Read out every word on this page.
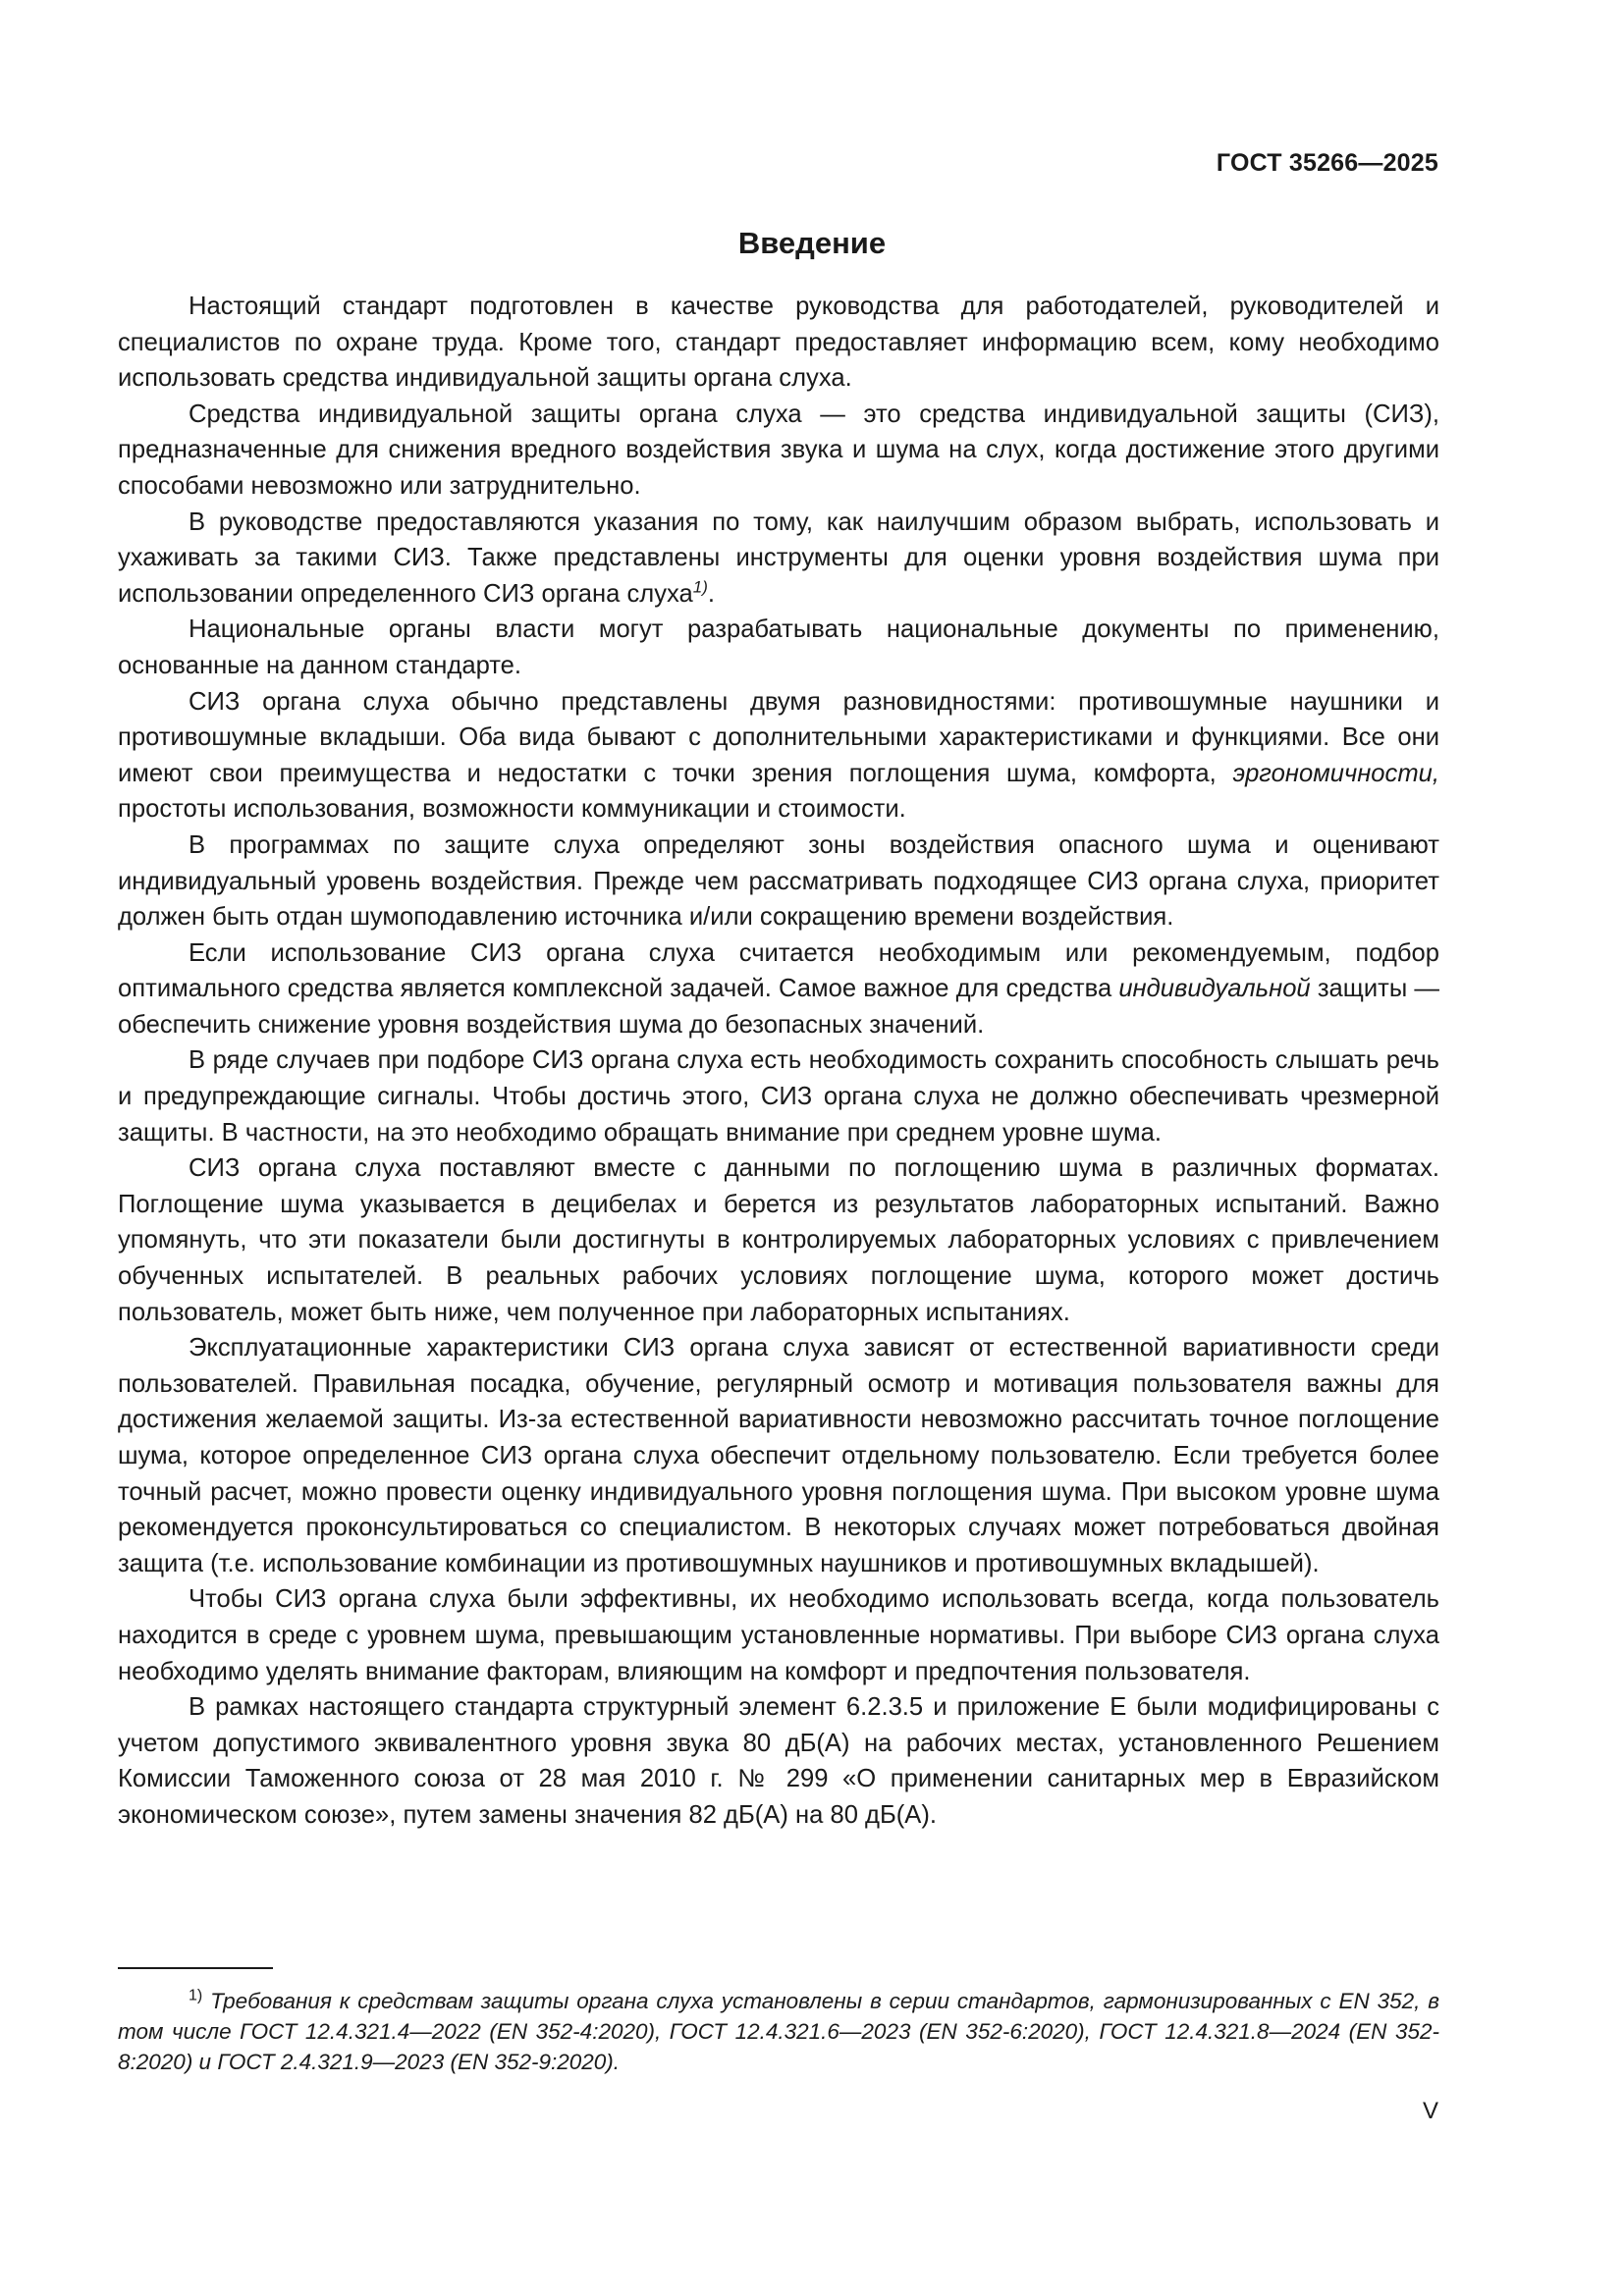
ГОСТ 35266—2025
Введение

Настоящий стандарт подготовлен в качестве руководства для работодателей, руководителей и специалистов по охране труда. Кроме того, стандарт предоставляет информацию всем, кому необходимо использовать средства индивидуальной защиты органа слуха.

Средства индивидуальной защиты органа слуха — это средства индивидуальной защиты (СИЗ), предназначенные для снижения вредного воздействия звука и шума на слух, когда достижение этого другими способами невозможно или затруднительно.

В руководстве предоставляются указания по тому, как наилучшим образом выбрать, использовать и ухаживать за такими СИЗ. Также представлены инструменты для оценки уровня воздействия шума при использовании определенного СИЗ органа слуха$^{1)}$.

Национальные органы власти могут разрабатывать национальные документы по применению, основанные на данном стандарте.

СИЗ органа слуха обычно представлены двумя разновидностями: противошумные наушники и противошумные вкладыши. Оба вида бывают с дополнительными характеристиками и функциями. Все они имеют свои преимущества и недостатки с точки зрения поглощения шума, комфорта, эргономичности, простоты использования, возможности коммуникации и стоимости.

В программах по защите слуха определяют зоны воздействия опасного шума и оценивают индивидуальный уровень воздействия. Прежде чем рассматривать подходящее СИЗ органа слуха, приоритет должен быть отдан шумоподавлению источника и/или сокращению времени воздействия.

Если использование СИЗ органа слуха считается необходимым или рекомендуемым, подбор оптимального средства является комплексной задачей. Самое важное для средства индивидуальной защиты — обеспечить снижение уровня воздействия шума до безопасных значений.

В ряде случаев при подборе СИЗ органа слуха есть необходимость сохранить способность слышать речь и предупреждающие сигналы. Чтобы достичь этого, СИЗ органа слуха не должно обеспечивать чрезмерной защиты. В частности, на это необходимо обращать внимание при среднем уровне шума.

СИЗ органа слуха поставляют вместе с данными по поглощению шума в различных форматах. Поглощение шума указывается в децибелах и берется из результатов лабораторных испытаний. Важно упомянуть, что эти показатели были достигнуты в контролируемых лабораторных условиях с привлечением обученных испытателей. В реальных рабочих условиях поглощение шума, которого может достичь пользователь, может быть ниже, чем полученное при лабораторных испытаниях.

Эксплуатационные характеристики СИЗ органа слуха зависят от естественной вариативности среди пользователей. Правильная посадка, обучение, регулярный осмотр и мотивация пользователя важны для достижения желаемой защиты. Из-за естественной вариативности невозможно рассчитать точное поглощение шума, которое определенное СИЗ органа слуха обеспечит отдельному пользователю. Если требуется более точный расчет, можно провести оценку индивидуального уровня поглощения шума. При высоком уровне шума рекомендуется проконсультироваться со специалистом. В некоторых случаях может потребоваться двойная защита (т.е. использование комбинации из противошумных наушников и противошумных вкладышей).

Чтобы СИЗ органа слуха были эффективны, их необходимо использовать всегда, когда пользователь находится в среде с уровнем шума, превышающим установленные нормативы. При выборе СИЗ органа слуха необходимо уделять внимание факторам, влияющим на комфорт и предпочтения пользователя.

В рамках настоящего стандарта структурный элемент 6.2.3.5 и приложение Е были модифицированы с учетом допустимого эквивалентного уровня звука 80 дБ(А) на рабочих местах, установленного Решением Комиссии Таможенного союза от 28 мая 2010 г. № 299 «О применении санитарных мер в Евразийском экономическом союзе», путем замены значения 82 дБ(А) на 80 дБ(А).

$^{1)}$ Требования к средствам защиты органа слуха установлены в серии стандартов, гармонизированных с EN 352, в том числе ГОСТ 12.4.321.4—2022 (EN 352-4:2020), ГОСТ 12.4.321.6—2023 (EN 352-6:2020), ГОСТ 12.4.321.8—2024 (EN 352-8:2020) и ГОСТ 2.4.321.9—2023 (EN 352-9:2020).

V
